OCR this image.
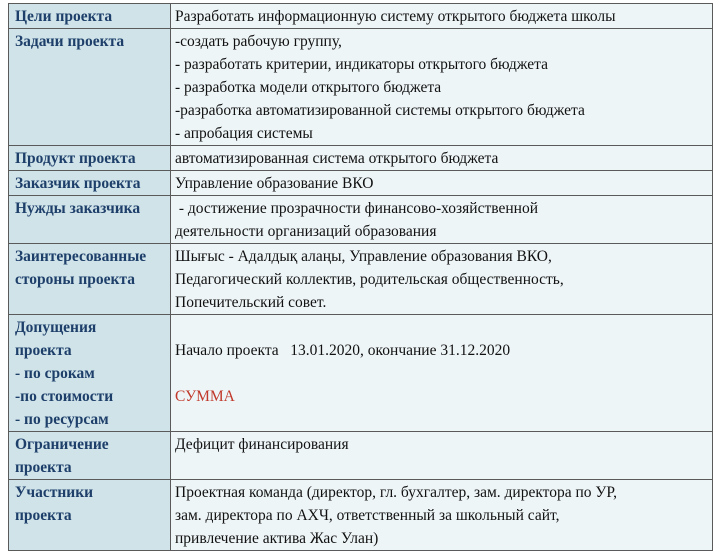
Цели проекта	Разработать информационную систему открытого бюджета школы

Задачи проекта	-создать рабочую группу,
- разработать критерии, индикаторы открытого бюджета
- разработка модели открытого бюджета
-разработка автоматизированной системы открытого бюджета
- апробация системы

Продукт проекта	автоматизированная система открытого бюджета

Заказчик проекта	Управление образование ВКО

Нужды заказчика	- достижение прозрачности финансово-хозяйственной
деятельности организаций образования

Заинтересованные
стороны проекта	Шығыс - Адалдық алаңы, Управление образования ВКО,
Педагогический коллектив, родительская общественность,
Попечительский совет.

Допущения
проекта
- по срокам
-по стоимости
- по ресурсам	Начало проекта   13.01.2020, окончание 31.12.2020
СУММА

Ограничение
проекта	Дефицит финансирования

Участники
проекта	Проектная команда (директор, гл. бухгалтер, зам. директора по УР,
зам. директора по АХЧ, ответственный за школьный сайт,
привлечение актива Жас Улан)
